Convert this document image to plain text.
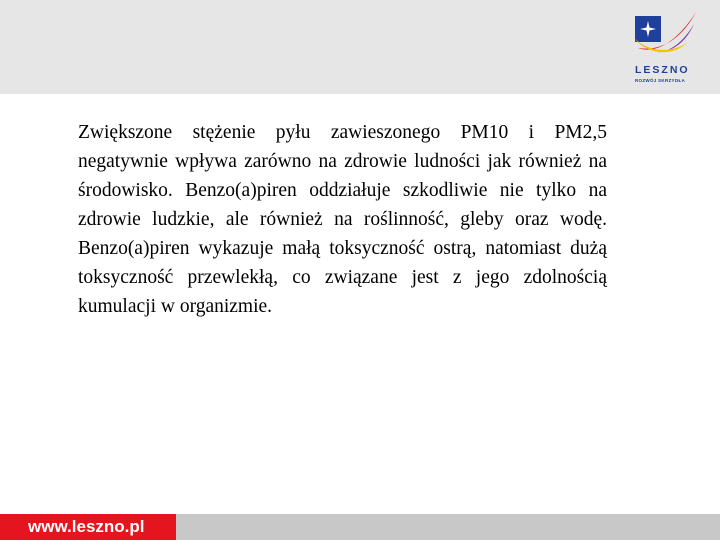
LESZNO
ROZWÓJ SKRZYDŁA

Zwiększone stężenie pyłu zawieszonego PM10 i PM2,5 negatywnie wpływa zarówno na zdrowie ludności jak również na środowisko. Benzo(a)piren oddziałuje szkodliwie nie tylko na zdrowie ludzkie, ale również na roślinność, gleby oraz wodę. Benzo(a)piren wykazuje małą toksyczność ostrą, natomiast dużą toksyczność przewlekłą, co związane jest z jego zdolnością kumulacji w organizmie.

www.leszno.pl
